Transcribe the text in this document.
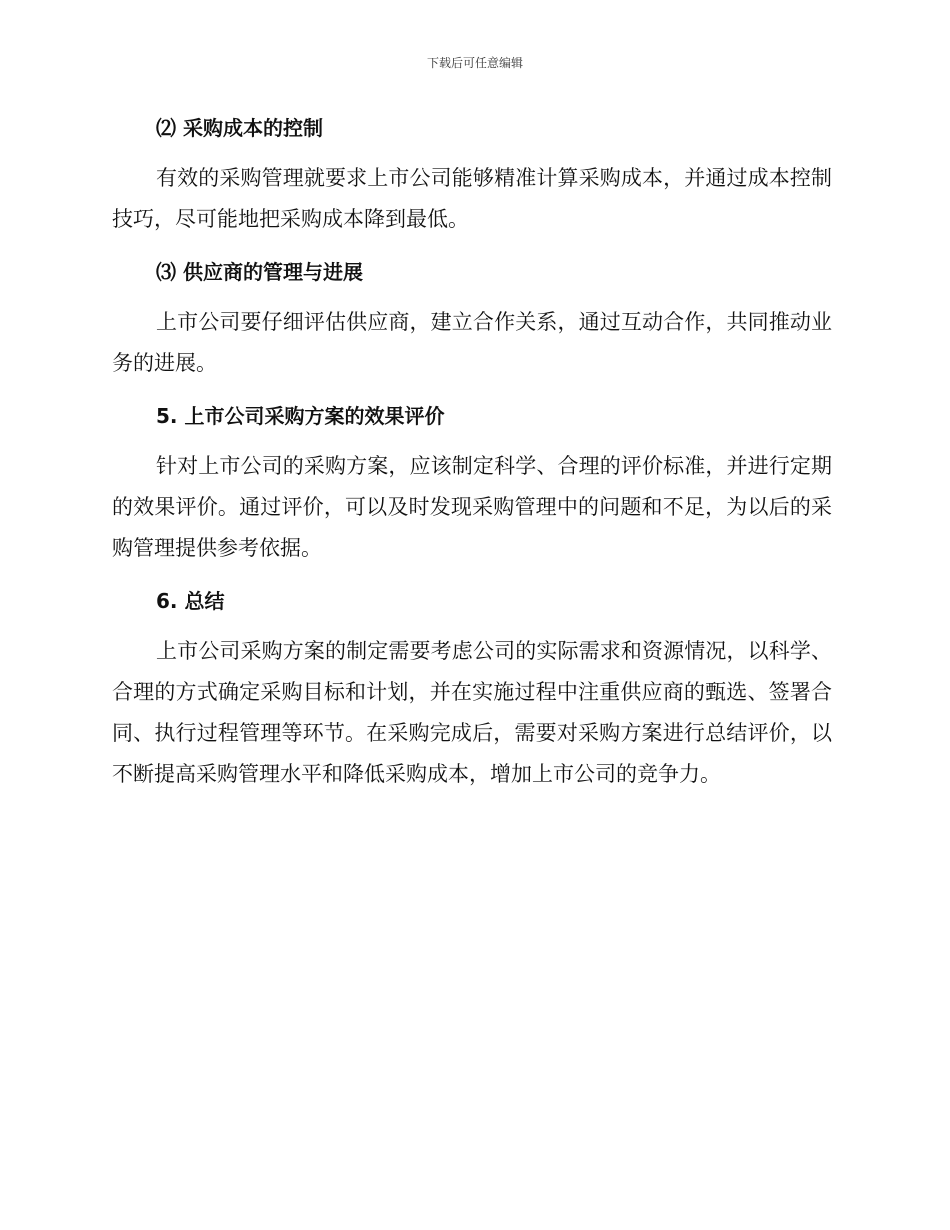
下载后可任意编辑
⑵ 采购成本的控制

有效的采购管理就要求上市公司能够精准计算采购成本，并通过成本控制技巧，尽可能地把采购成本降到最低。

⑶ 供应商的管理与进展

上市公司要仔细评估供应商，建立合作关系，通过互动合作，共同推动业务的进展。

5. 上市公司采购方案的效果评价

针对上市公司的采购方案，应该制定科学、合理的评价标准，并进行定期的效果评价。通过评价，可以及时发现采购管理中的问题和不足，为以后的采购管理提供参考依据。

6. 总结

上市公司采购方案的制定需要考虑公司的实际需求和资源情况，以科学、合理的方式确定采购目标和计划，并在实施过程中注重供应商的甄选、签署合同、执行过程管理等环节。在采购完成后，需要对采购方案进行总结评价，以不断提高采购管理水平和降低采购成本，增加上市公司的竞争力。
